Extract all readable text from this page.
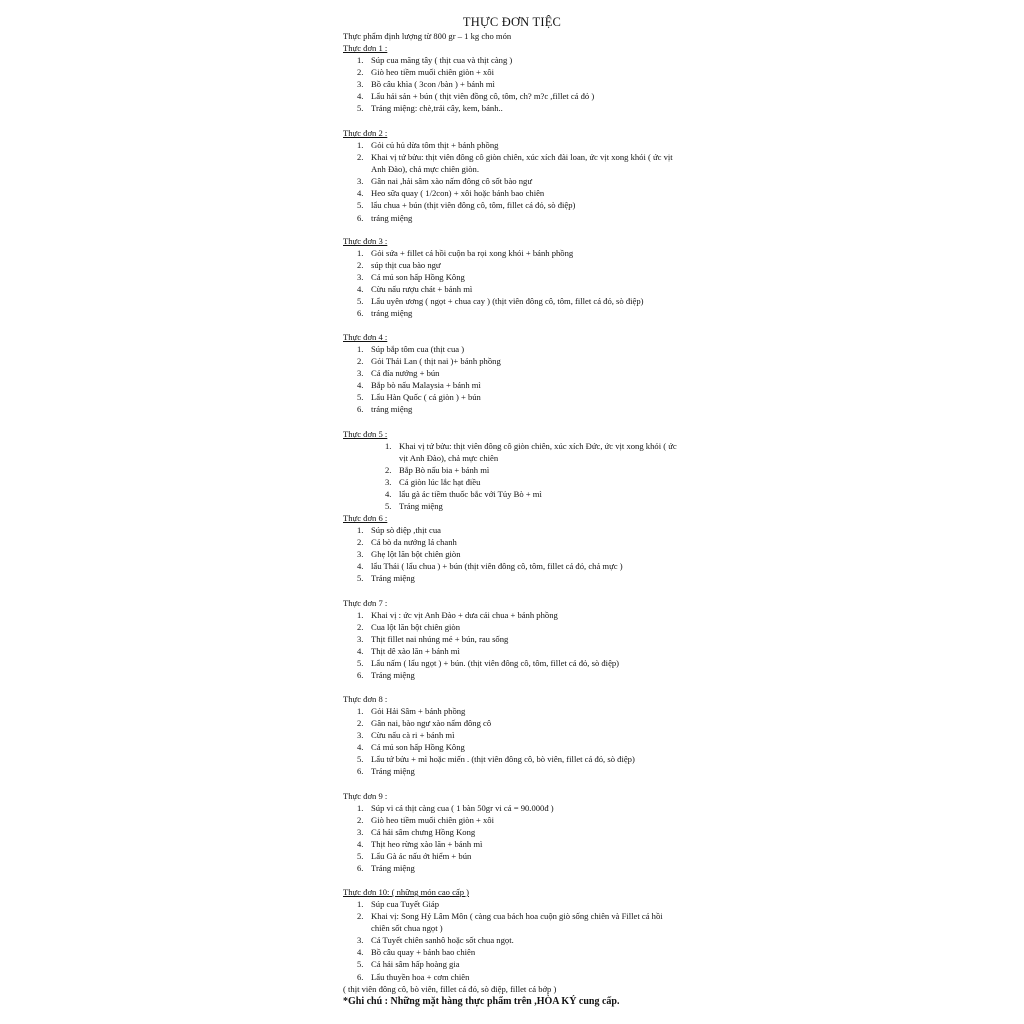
THỰC ĐƠN TIỆC
Thực phẩm định lượng từ 800 gr – 1 kg cho món
Thực đơn 1 :
1. Súp cua măng tây ( thịt cua và thịt càng )
2. Giò heo tiềm muối chiên giòn + xôi
3. Bồ câu khìa ( 3con /bàn ) + bánh mì
4. Lẩu hải sản + bún ( thịt viên đồng cô, tôm, ch? m?c ,fillet cá đỏ )
5. Tráng miệng: chè,trái cây, kem, bánh..
Thực đơn 2 :
1. Gỏi củ hủ dừa tôm thịt + bánh phồng
2. Khai vị tứ bửu: thịt viên đông cô giòn chiên, xúc xích đài loan, ức vịt xong khói ( ức vịt Anh Đào), chả mực chiên giòn.
3. Gân nai ,hải sâm xào nấm đông cô sốt bào ngư
4. Heo sữa quay ( 1/2con) + xôi hoặc bánh bao chiên
5. lẩu chua + bún (thịt viên đông cô, tôm, fillet cá đỏ, sò điệp)
6. tráng miệng
Thực đơn 3 :
1. Gỏi sứa + fillet cá hồi cuộn ba rọi xong khói + bánh phồng
2. súp thịt cua bào ngư
3. Cá mú son hấp Hồng Kông
4. Cừu nấu rượu chát + bánh mì
5. Lẩu uyên ương ( ngọt + chua cay ) (thịt viên đông cô, tôm, fillet cá đỏ, sò điệp)
6. tráng miệng
Thực đơn 4 :
1. Súp bắp tôm cua (thịt cua )
2. Gỏi Thái Lan ( thịt nai )+ bánh phồng
3. Cá đía nướng + bún
4. Bắp bò nấu Malaysia + bánh mì
5. Lẩu Hàn Quốc ( cá giòn ) + bún
6. tráng miệng
Thực đơn 5 :
1. Khai vị tứ bửu: thịt viên đông cô giòn chiên, xúc xích Đức, ức vịt xong khói ( ức vịt Anh Đào), chả mực chiên
2. Bắp Bò nấu bia + bánh mì
3. Cá giòn lúc lắc hạt điều
4. lẩu gà ác tiềm thuốc bắc với Tủy Bò + mì
5. Tráng miệng
Thực đơn 6 :
1. Súp sò điệp ,thịt cua
2. Cá bò da nướng lá chanh
3. Ghẹ lột lăn bột chiên giòn
4. lẩu Thái ( lẩu chua ) + bún (thịt viên đông cô, tôm, fillet cá đỏ, chả mực )
5. Tráng miệng
Thực đơn 7 :
1. Khai vị : ức vịt Anh Đào + dưa cải chua + bánh phồng
2. Cua lột lăn bột chiên giòn
3. Thịt fillet nai nhúng mẻ + bún, rau sống
4. Thịt dê xào lăn + bánh mì
5. Lẩu nấm ( lẩu ngọt ) + bún. (thịt viên đông cô, tôm, fillet cá đỏ, sò điệp)
6. Tráng miệng
Thực đơn 8 :
1. Gỏi Hải Sâm + bánh phồng
2. Gân nai, bào ngư xào nấm đông cô
3. Cừu nấu cà ri + bánh mì
4. Cá mú son hấp Hồng Kông
5. Lẩu tứ bửu + mì hoặc miến . (thịt viên đông cô, bò viên, fillet cá đỏ, sò điệp)
6. Tráng miệng
Thực đơn 9 :
1. Súp vi cá thịt càng cua ( 1 bàn 50gr vi cá = 90.000đ )
2. Giò heo tiềm muối chiên giòn + xôi
3. Cá hải sâm chưng Hồng Kong
4. Thịt heo rừng xào lăn + bánh mì
5. Lẩu Gà ác nấu ớt hiểm + bún
6. Tráng miệng
Thực đơn 10: ( những món cao cấp )
1. Súp cua Tuyết Giáp
2. Khai vị: Song Hỷ Lâm Môn ( càng cua bách hoa cuộn giò sống chiên và Fillet cá hồi chiên sốt chua ngọt )
3. Cá Tuyết chiên sanhô hoặc sốt chua ngọt.
4. Bồ câu quay + bánh bao chiên
5. Cá hải sâm hấp hoàng gia
6. Lẩu thuyền hoa + cơm chiên
( thịt viên đông cô, bò viên, fillet cá đỏ, sò điệp, fillet cá bớp )
*Ghi chú : Những mặt hàng thực phẩm trên ,HÒA KÝ cung cấp.
